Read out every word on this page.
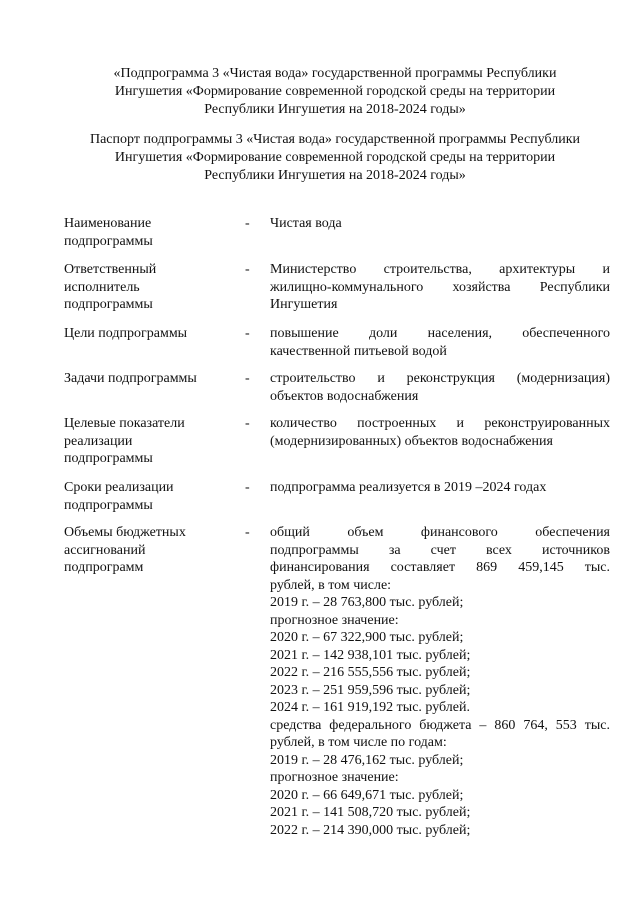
«Подпрограмма 3 «Чистая вода» государственной программы Республики
Ингушетия «Формирование современной городской среды на территории
Республики Ингушетия на 2018-2024 годы»
Паспорт подпрограммы 3 «Чистая вода» государственной программы Республики
Ингушетия «Формирование современной городской среды на территории
Республики Ингушетия на 2018-2024 годы»
Наименование
подпрограммы
- Чистая вода
Ответственный
исполнитель
подпрограммы
- Министерство строительства, архитектуры и
жилищно-коммунального хозяйства Республики
Ингушетия
Цели подпрограммы	- повышение доли населения, обеспеченного
качественной питьевой водой
Задачи подпрограммы	- строительство и реконструкция (модернизация)
объектов водоснабжения
Целевые показатели
реализации
подпрограммы
- количество построенных и реконструированных
(модернизированных) объектов водоснабжения
Сроки реализации
подпрограммы
- подпрограмма реализуется в 2019 –2024 годах
Объемы бюджетных
ассигнований
подпрограмм
- общий объем финансового обеспечения
подпрограммы за счет всех источников
финансирования составляет 869 459,145 тыс.
рублей, в том числе:
2019 г. – 28 763,800 тыс. рублей;
прогнозное значение:
2020 г. – 67 322,900 тыс. рублей;
2021 г. – 142 938,101 тыс. рублей;
2022 г. – 216 555,556 тыс. рублей;
2023 г. – 251 959,596 тыс. рублей;
2024 г. – 161 919,192 тыс. рублей.
средства федерального бюджета – 860 764, 553 тыс.
рублей, в том числе по годам:
2019 г. – 28 476,162 тыс. рублей;
прогнозное значение:
2020 г. – 66 649,671 тыс. рублей;
2021 г. – 141 508,720 тыс. рублей;
2022 г. – 214 390,000 тыс. рублей;
